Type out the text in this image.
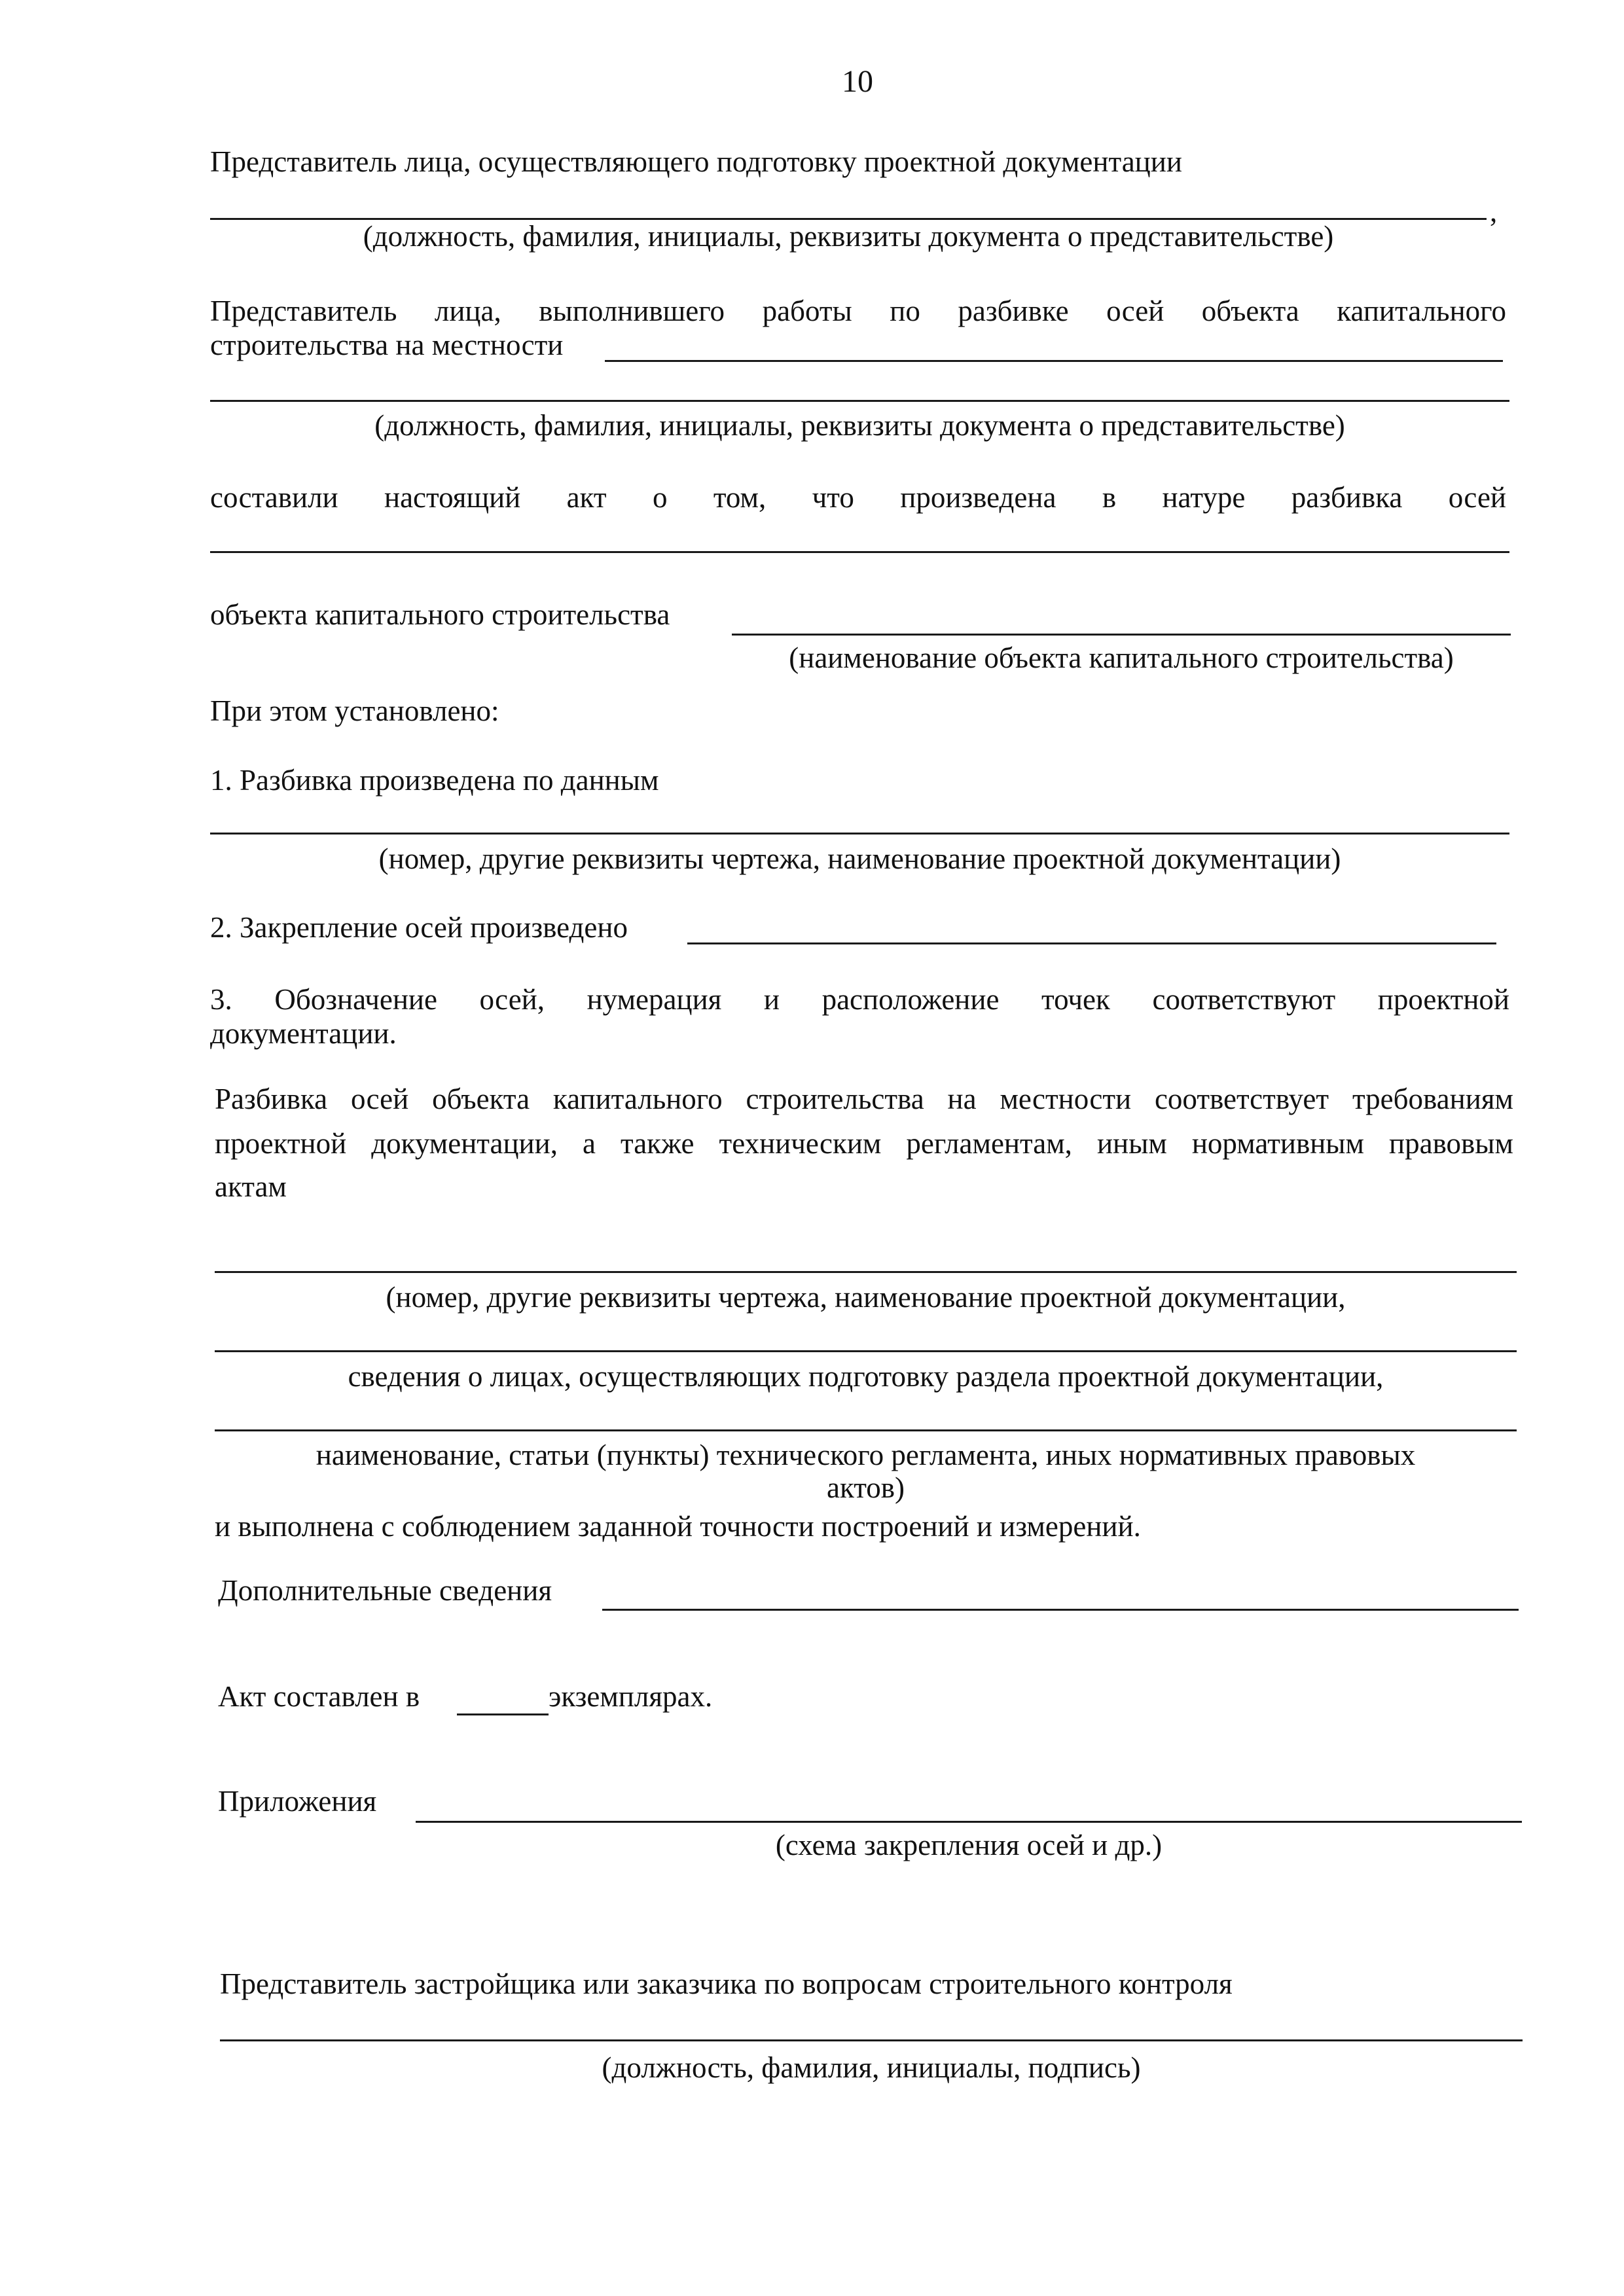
10
Представитель лица, осуществляющего подготовку проектной документации
,
(должность, фамилия, инициалы, реквизиты документа о представительстве)
Представитель лица, выполнившего работы по разбивке осей объекта капитального
строительства на местности
(должность, фамилия, инициалы, реквизиты документа о представительстве)
составили настоящий акт о том, что произведена в натуре разбивка осей
объекта капитального строительства
(наименование объекта капитального строительства)
При этом установлено:
1. Разбивка произведена по данным
(номер, другие реквизиты чертежа, наименование проектной документации)
2. Закрепление осей произведено
3. Обозначение осей, нумерация и расположение точек соответствуют проектной
документации.
Разбивка осей объекта капитального строительства на местности соответствует требованиям
проектной документации, а также техническим регламентам, иным нормативным правовым
актам
(номер, другие реквизиты чертежа, наименование проектной документации,
сведения о лицах, осуществляющих подготовку раздела проектной документации,
наименование, статьи (пункты) технического регламента, иных нормативных правовых
актов)
и выполнена с соблюдением заданной точности построений и измерений.
Дополнительные сведения
Акт составлен в	экземплярах.
Приложения
(схема закрепления осей и др.)
Представитель застройщика или заказчика по вопросам строительного контроля
(должность, фамилия, инициалы, подпись)
